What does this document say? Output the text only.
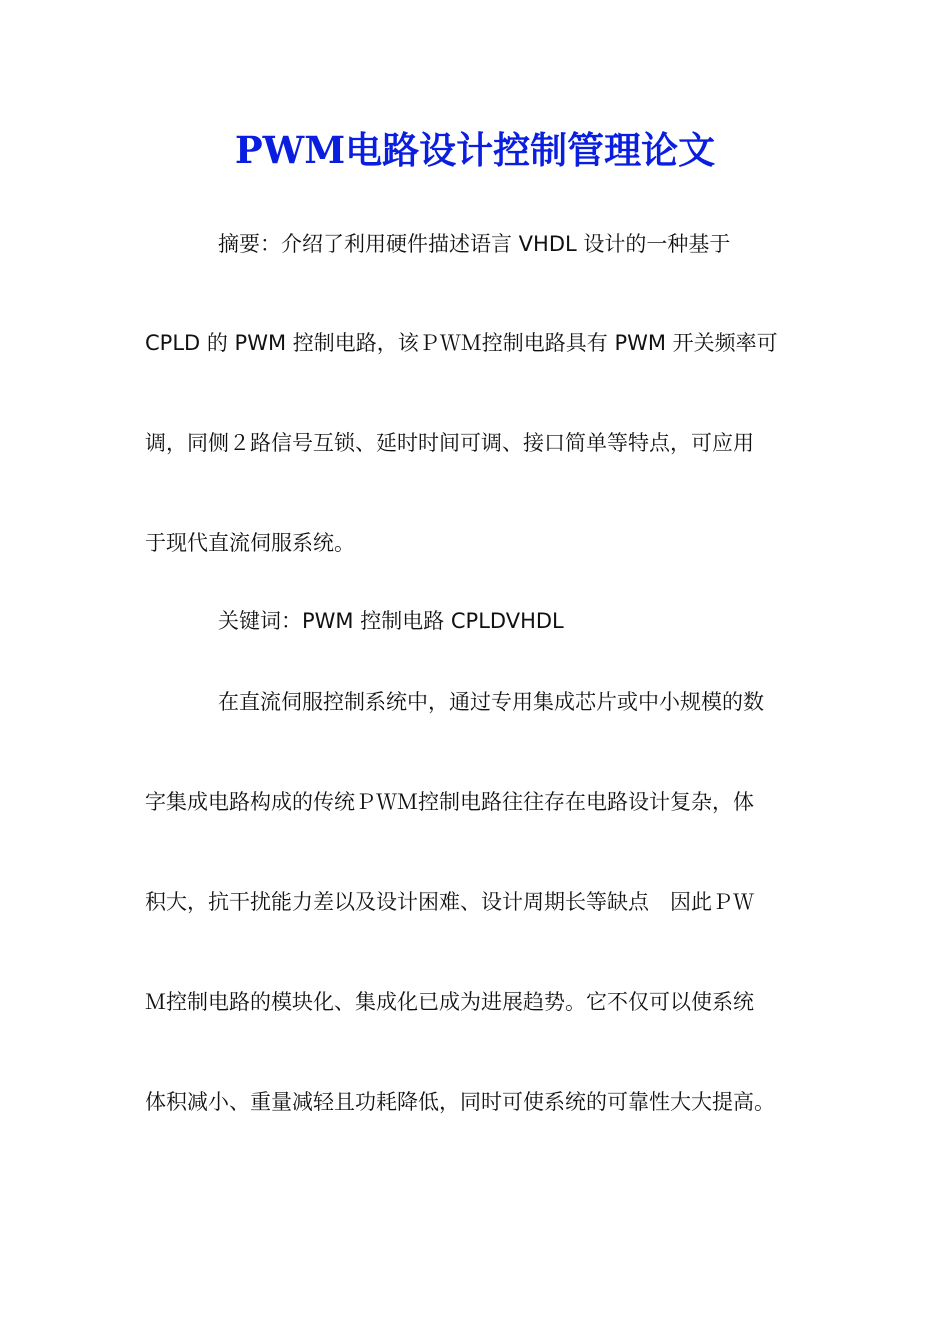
PWM电路设计控制管理论文

摘要：介绍了利用硬件描述语言 VHDL 设计的一种基于

CPLD 的 PWM 控制电路，该ＰＷＭ控制电路具有 PWM 开关频率可

调，同侧２路信号互锁、延时时间可调、接口简单等特点，可应用

于现代直流伺服系统。

关键词：PWM 控制电路 CPLDVHDL

在直流伺服控制系统中，通过专用集成芯片或中小规模的数

字集成电路构成的传统ＰＷＭ控制电路往往存在电路设计复杂，体

积大，抗干扰能力差以及设计困难、设计周期长等缺点　因此ＰＷ

Ｍ控制电路的模块化、集成化已成为进展趋势。它不仅可以使系统

体积减小、重量减轻且功耗降低，同时可使系统的可靠性大大提高。
